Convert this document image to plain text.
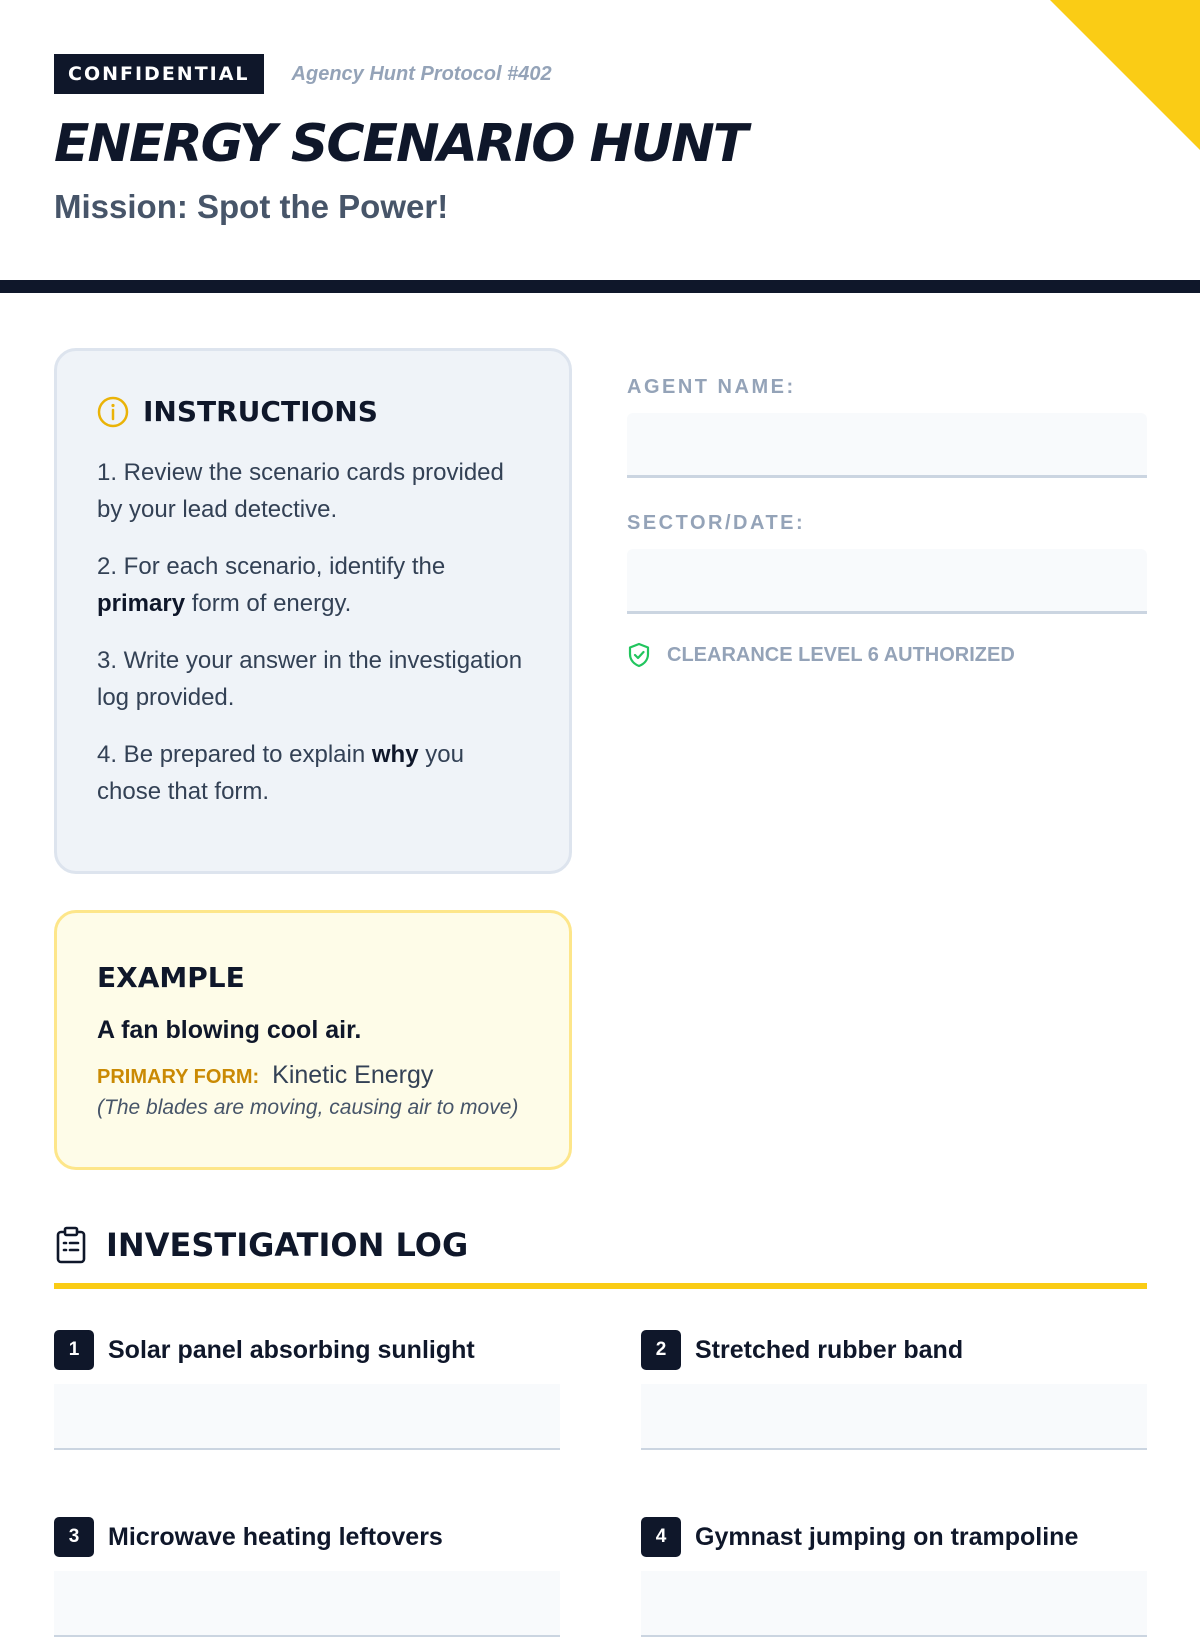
CONFIDENTIAL	Agency Hunt Protocol #402
ENERGY SCENARIO HUNT
Mission: Spot the Power!
INSTRUCTIONS
1. Review the scenario cards provided by your lead detective.
2. For each scenario, identify the primary form of energy.
3. Write your answer in the investigation log provided.
4. Be prepared to explain why you chose that form.
EXAMPLE
A fan blowing cool air.
PRIMARY FORM: Kinetic Energy
(The blades are moving, causing air to move)
AGENT NAME:
SECTOR/DATE:
CLEARANCE LEVEL 6 AUTHORIZED
INVESTIGATION LOG
1	Solar panel absorbing sunlight	2	Stretched rubber band
3	Microwave heating leftovers	4	Gymnast jumping on trampoline
